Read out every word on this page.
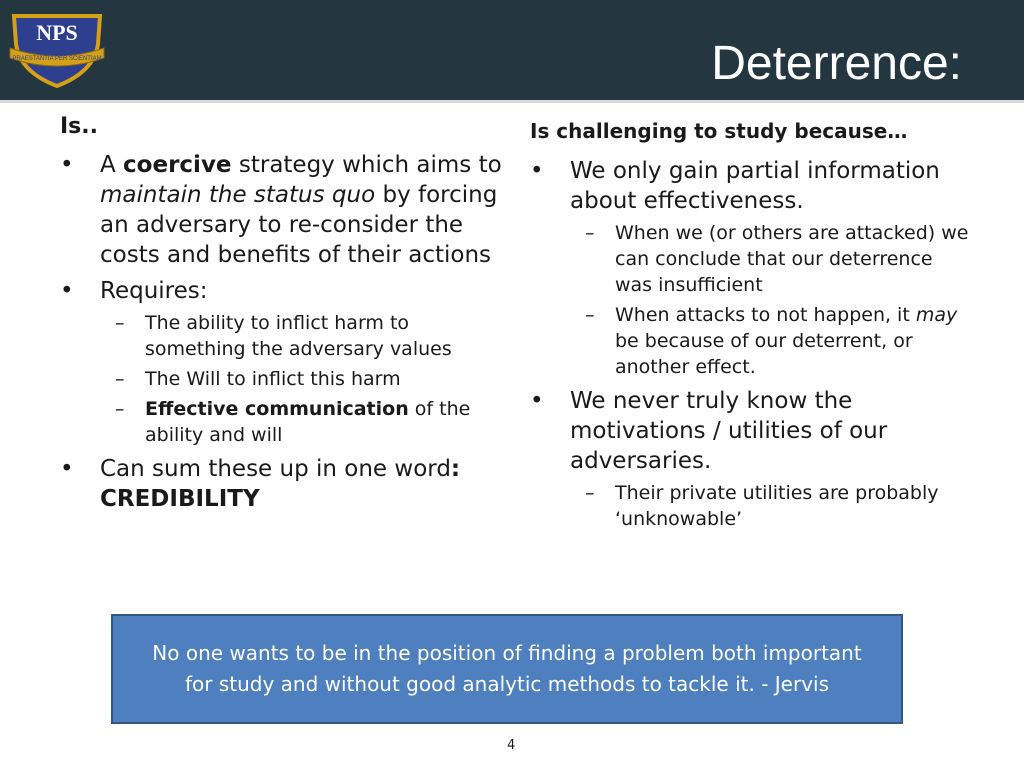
NPS
PRAESTANTIA PER SCIENTIAM	Deterrence:
Is..
• A coercive strategy which aims to maintain the status quo by forcing an adversary to re-consider the costs and benefits of their actions
• Requires:
– The ability to inflict harm to something the adversary values
– The Will to inflict this harm
– Effective communication of the ability and will
• Can sum these up in one word: CREDIBILITY
Is challenging to study because…
• We only gain partial information about effectiveness.
– When we (or others are attacked) we can conclude that our deterrence was insufficient
– When attacks to not happen, it may be because of our deterrent, or another effect.
• We never truly know the motivations / utilities of our adversaries.
– Their private utilities are probably ‘unknowable’
No one wants to be in the position of finding a problem both important for study and without good analytic methods to tackle it. - Jervis
4
